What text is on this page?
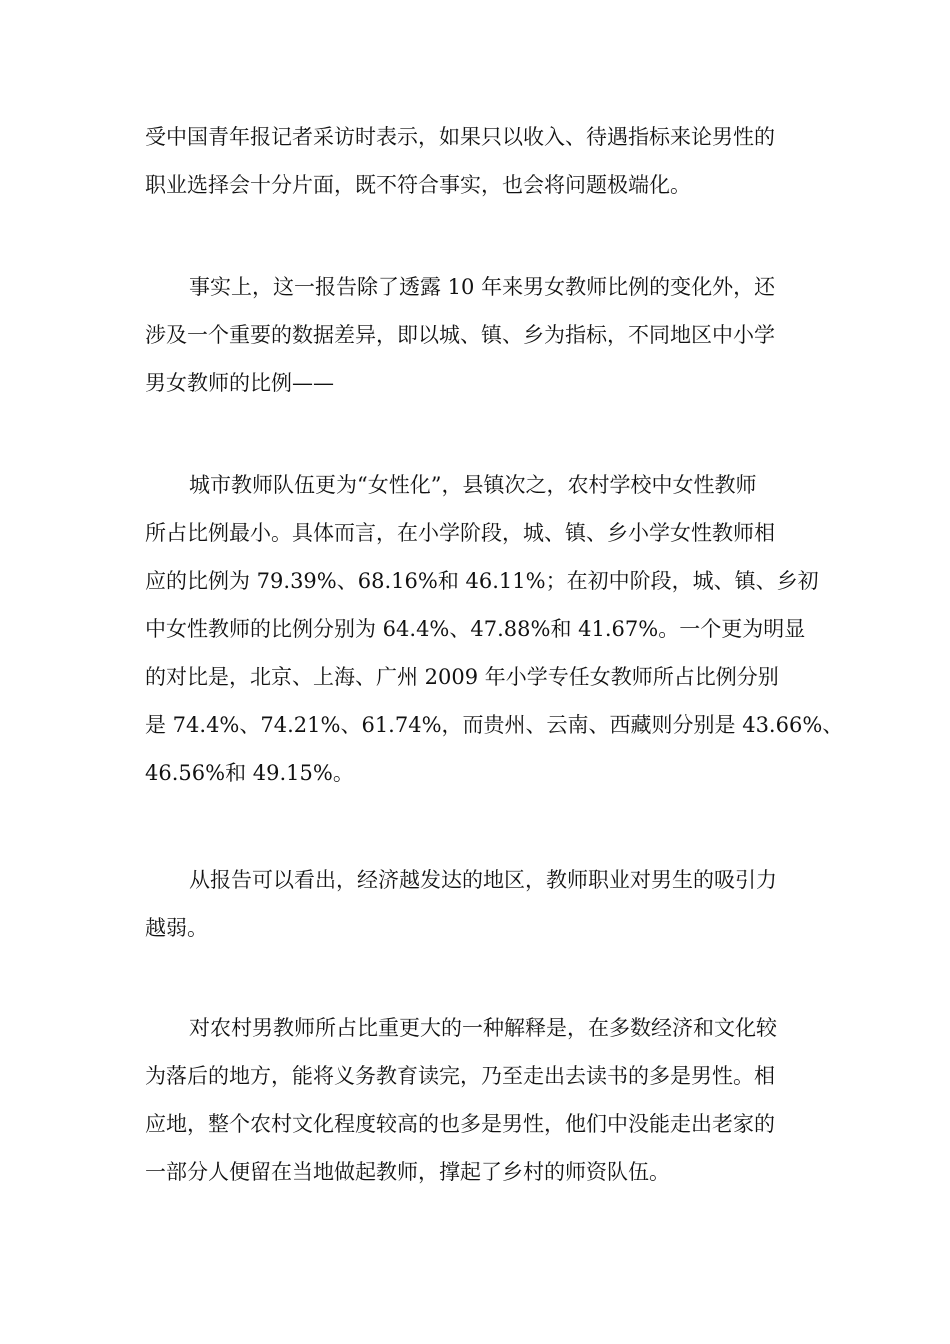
受中国青年报记者采访时表示，如果只以收入、待遇指标来论男性的
职业选择会十分片面，既不符合事实，也会将问题极端化。
事实上，这一报告除了透露 10 年来男女教师比例的变化外，还
涉及一个重要的数据差异，即以城、镇、乡为指标，不同地区中小学
男女教师的比例——
城市教师队伍更为“女性化”，县镇次之，农村学校中女性教师
所占比例最小。具体而言，在小学阶段，城、镇、乡小学女性教师相
应的比例为 79.39%、68.16%和 46.11%；在初中阶段，城、镇、乡初
中女性教师的比例分别为 64.4%、47.88%和 41.67%。一个更为明显
的对比是，北京、上海、广州 2009 年小学专任女教师所占比例分别
是 74.4%、74.21%、61.74%，而贵州、云南、西藏则分别是 43.66%、
46.56%和 49.15%。
从报告可以看出，经济越发达的地区，教师职业对男生的吸引力
越弱。
对农村男教师所占比重更大的一种解释是，在多数经济和文化较
为落后的地方，能将义务教育读完，乃至走出去读书的多是男性。相
应地，整个农村文化程度较高的也多是男性，他们中没能走出老家的
一部分人便留在当地做起教师，撑起了乡村的师资队伍。
